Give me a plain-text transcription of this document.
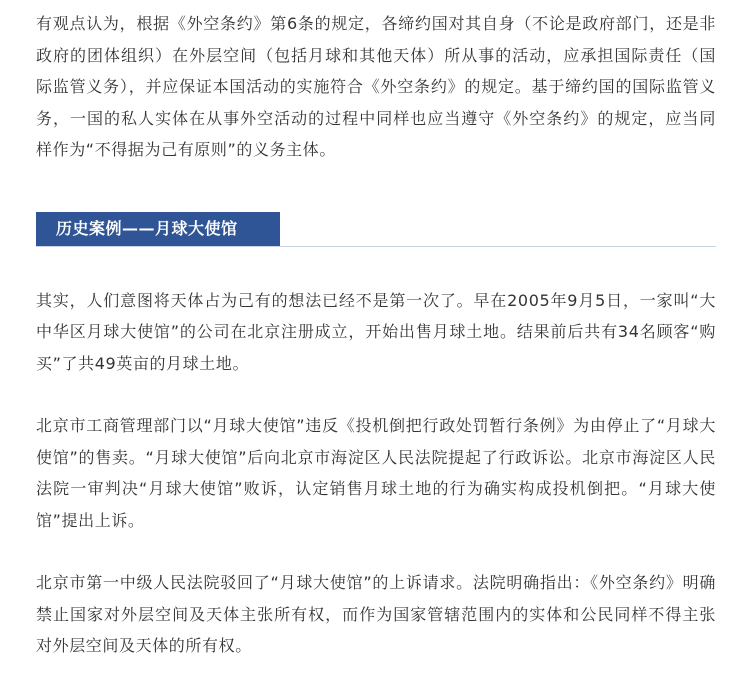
有观点认为，根据《外空条约》第6条的规定，各缔约国对其自身（不论是政府部门，还是非政府的团体组织）在外层空间（包括月球和其他天体）所从事的活动，应承担国际责任（国际监管义务），并应保证本国活动的实施符合《外空条约》的规定。基于缔约国的国际监管义务，一国的私人实体在从事外空活动的过程中同样也应当遵守《外空条约》的规定，应当同样作为“不得据为己有原则”的义务主体。

历史案例——月球大使馆

其实，人们意图将天体占为己有的想法已经不是第一次了。早在2005年9月5日，一家叫“大中华区月球大使馆”的公司在北京注册成立，开始出售月球土地。结果前后共有34名顾客“购买”了共49英亩的月球土地。

北京市工商管理部门以“月球大使馆”违反《投机倒把行政处罚暂行条例》为由停止了“月球大使馆”的售卖。“月球大使馆”后向北京市海淀区人民法院提起了行政诉讼。北京市海淀区人民法院一审判决“月球大使馆”败诉，认定销售月球土地的行为确实构成投机倒把。“月球大使馆”提出上诉。

北京市第一中级人民法院驳回了“月球大使馆”的上诉请求。法院明确指出：《外空条约》明确禁止国家对外层空间及天体主张所有权，而作为国家管辖范围内的实体和公民同样不得主张对外层空间及天体的所有权。
